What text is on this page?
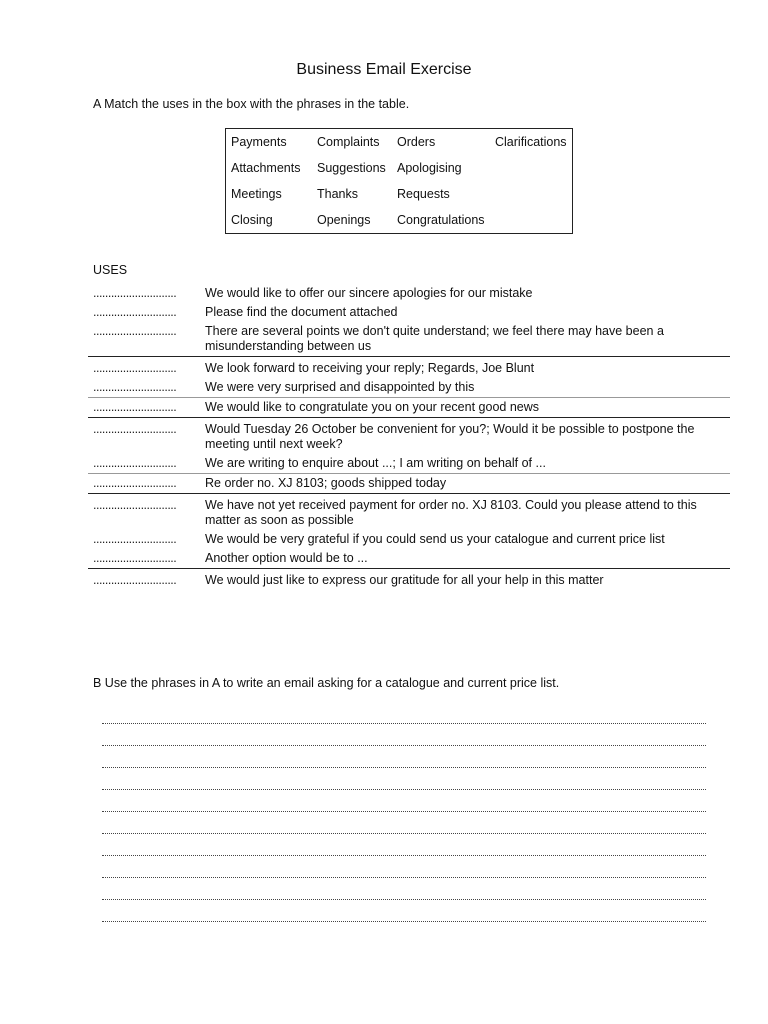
Business Email Exercise

A Match the uses in the box with the phrases in the table.

Payments	Complaints	Orders	Clarifications
Attachments	Suggestions	Apologising	
Meetings	Thanks	Requests	
Closing	Openings	Congratulations	

USES

............................	We would like to offer our sincere apologies for our mistake
............................	Please find the document attached
............................	There are several points we don't quite understand; we feel there may have been a misunderstanding between us
............................	We look forward to receiving your reply; Regards, Joe Blunt
............................	We were very surprised and disappointed by this
............................	We would like to congratulate you on your recent good news
............................	Would Tuesday 26 October be convenient for you?; Would it be possible to postpone the meeting until next week?
............................	We are writing to enquire about ...; I am writing on behalf of ...
............................	Re order no. XJ 8103; goods shipped today
............................	We have not yet received payment for order no. XJ 8103. Could you please attend to this matter as soon as possible
............................	We would be very grateful if you could send us your catalogue and current price list
............................	Another option would be to ...
............................	We would just like to express our gratitude for all your help in this matter

B Use the phrases in A to write an email asking for a catalogue and current price list.
